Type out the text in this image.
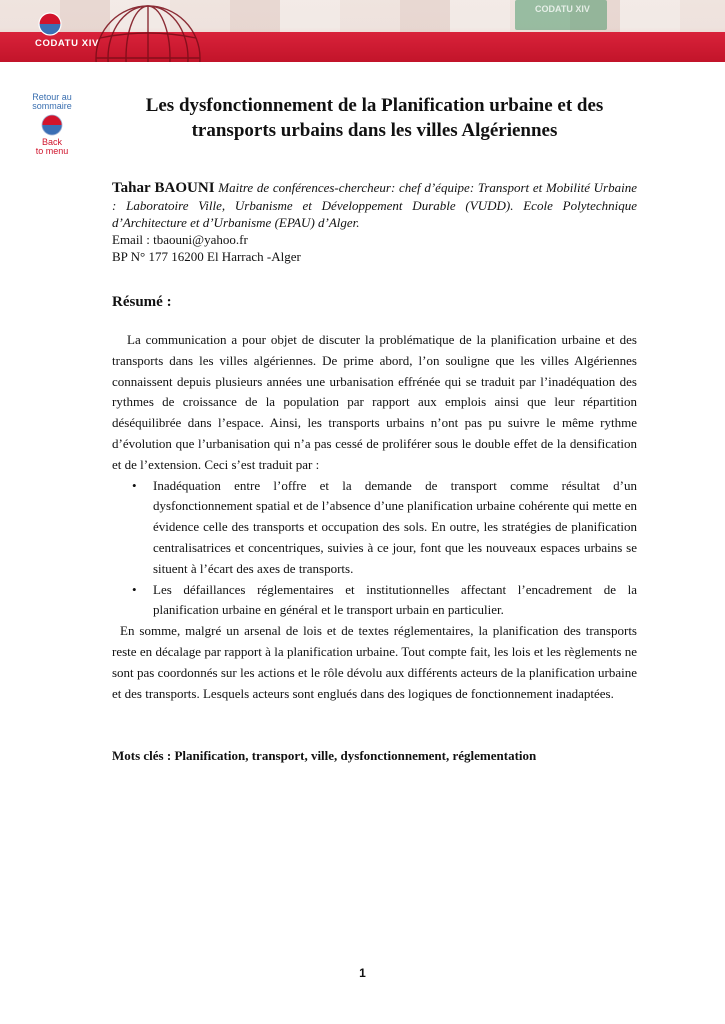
CODATU XIV
CODATU XIV
Retour au
sommaire
Back
to menu
Les dysfonctionnement de la Planification urbaine et des
transports urbains dans les villes Algériennes
Tahar BAOUNI Maitre de conférences-chercheur: chef d’équipe: Transport et Mobilité Urbaine : Laboratoire Ville, Urbanisme et Développement Durable (VUDD). Ecole Polytechnique d’Architecture et d’Urbanisme (EPAU) d’Alger.
Email : tbaouni@yahoo.fr
BP N° 177 16200 El Harrach -Alger
Résumé :

La communication a pour objet de discuter la problématique de la planification urbaine et des transports dans les villes algériennes. De prime abord, l’on souligne que les villes Algériennes connaissent depuis plusieurs années une urbanisation effrénée qui se traduit par l’inadéquation des rythmes de croissance de la population par rapport aux emplois ainsi que leur répartition déséquilibrée dans l’espace. Ainsi, les transports urbains n’ont pas pu suivre le même rythme d’évolution que l’urbanisation qui n’a pas cessé de proliférer sous le double effet de la densification et de l’extension. Ceci s’est traduit par :

• Inadéquation entre l’offre et la demande de transport comme résultat d’un dysfonctionnement spatial et de l’absence d’une planification urbaine cohérente qui mette en évidence celle des transports et occupation des sols. En outre, les stratégies de planification centralisatrices et concentriques, suivies à ce jour, font que les nouveaux espaces urbains se situent à l’écart des axes de transports.
• Les défaillances réglementaires et institutionnelles affectant l’encadrement de la planification urbaine en général et le transport urbain en particulier.

En somme, malgré un arsenal de lois et de textes réglementaires, la planification des transports reste en décalage par rapport à la planification urbaine. Tout compte fait, les lois et les règlements ne sont pas coordonnés sur les actions et le rôle dévolu aux différents acteurs de la planification urbaine et des transports. Lesquels acteurs sont englués dans des logiques de fonctionnement inadaptées.

Mots clés : Planification, transport, ville, dysfonctionnement, réglementation
1
